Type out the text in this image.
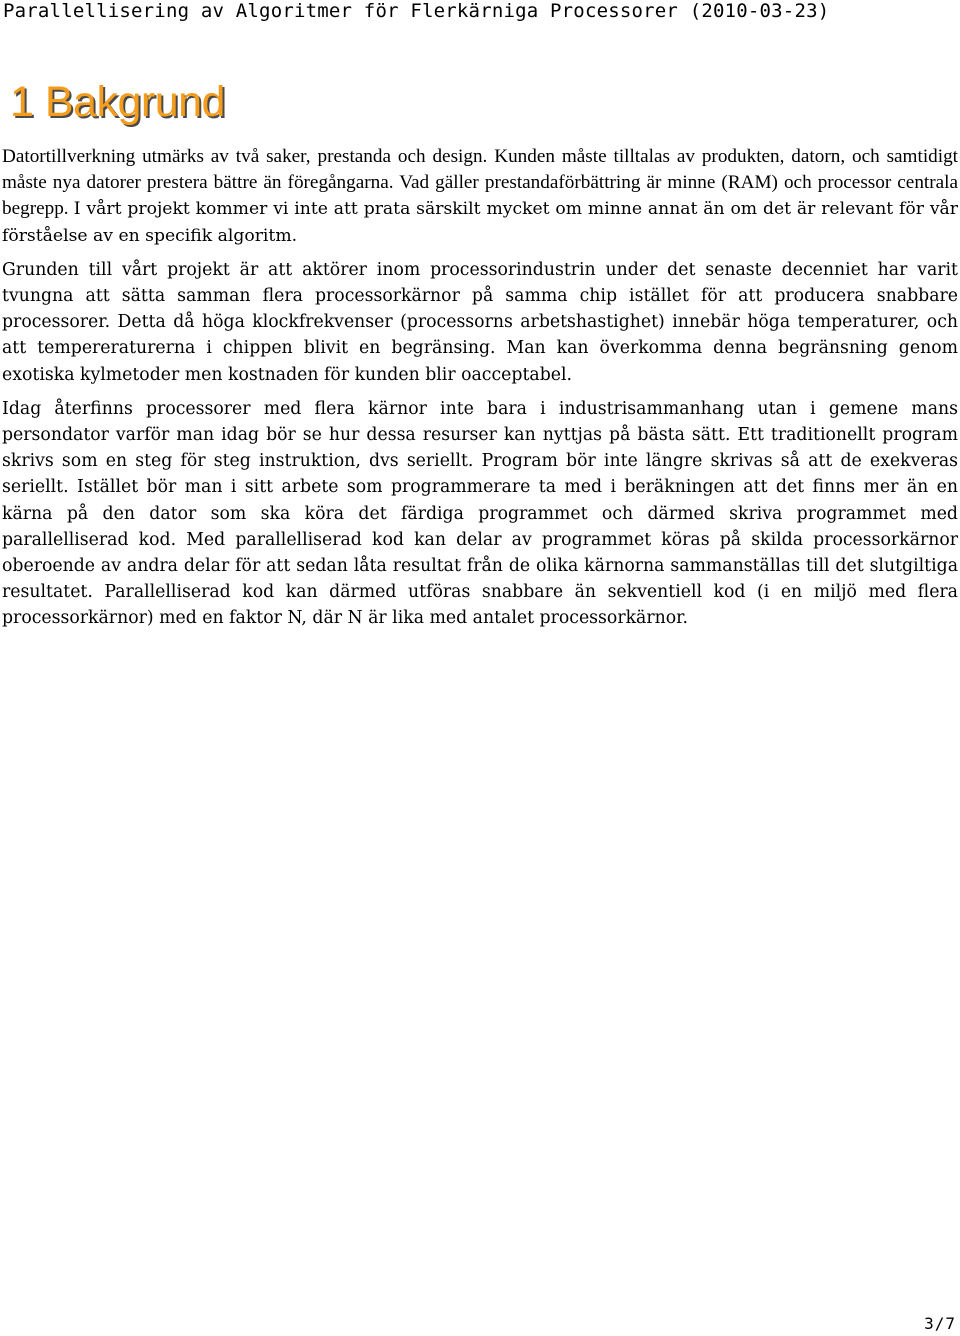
Parallellisering av Algoritmer för Flerkärniga Processorer (2010-03-23)
1 Bakgrund

Datortillverkning utmärks av två saker, prestanda och design. Kunden måste tilltalas av produkten, datorn, och samtidigt måste nya datorer prestera bättre än föregångarna. Vad gäller prestandaförbättring är minne (RAM) och processor centrala begrepp. I vårt projekt kommer vi inte att prata särskilt mycket om minne annat än om det är relevant för vår förståelse av en specifik algoritm.

Grunden till vårt projekt är att aktörer inom processorindustrin under det senaste decenniet har varit tvungna att sätta samman flera processorkärnor på samma chip istället för att producera snabbare processorer. Detta då höga klockfrekvenser (processorns arbetshastighet) innebär höga temperaturer, och att tempereraturerna i chippen blivit en begränsing. Man kan överkomma denna begränsning genom exotiska kylmetoder men kostnaden för kunden blir oacceptabel.

Idag återfinns processorer med flera kärnor inte bara i industrisammanhang utan i gemene mans persondator varför man idag bör se hur dessa resurser kan nyttjas på bästa sätt. Ett traditionellt program skrivs som en steg för steg instruktion, dvs seriellt. Program bör inte längre skrivas så att de exekveras seriellt. Istället bör man i sitt arbete som programmerare ta med i beräkningen att det finns mer än en kärna på den dator som ska köra det färdiga programmet och därmed skriva programmet med parallelliserad kod. Med parallelliserad kod kan delar av programmet köras på skilda processorkärnor oberoende av andra delar för att sedan låta resultat från de olika kärnorna sammanställas till det slutgiltiga resultatet. Parallelliserad kod kan därmed utföras snabbare än sekventiell kod (i en miljö med flera processorkärnor) med en faktor N, där N är lika med antalet processorkärnor.

3/7
